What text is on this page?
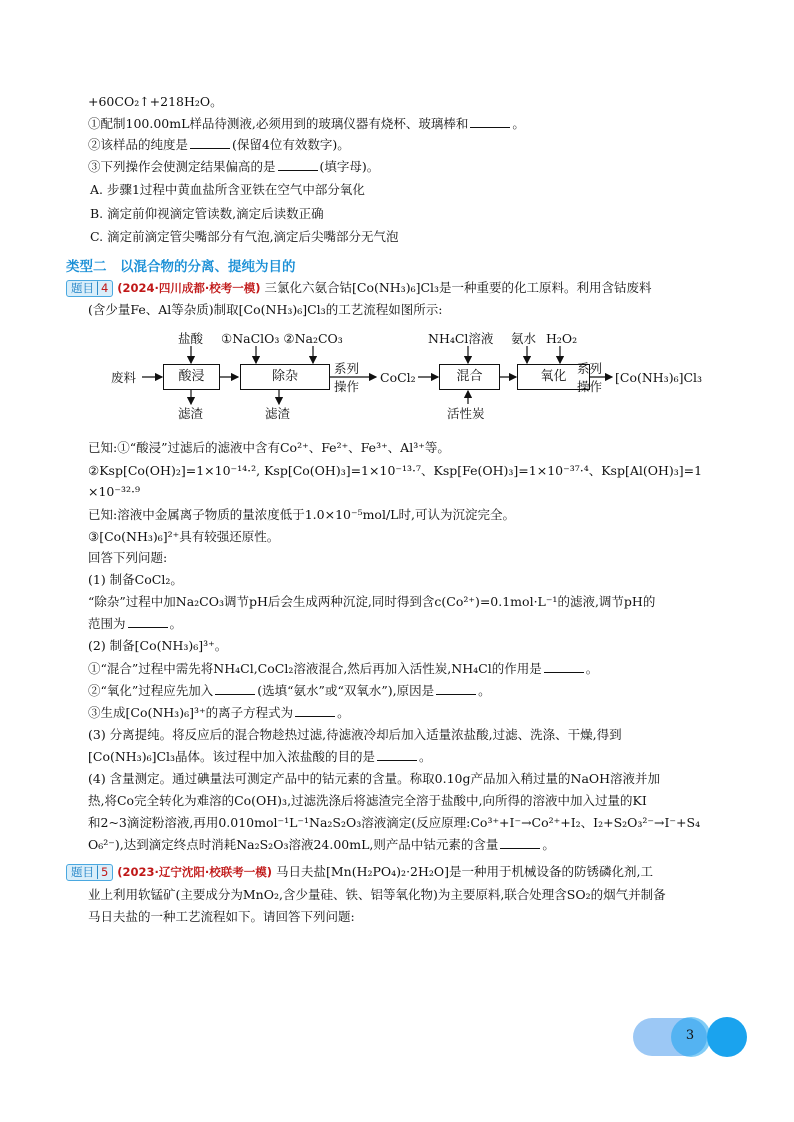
+60CO₂↑+218H₂O。
①配制100.00mL样品待测液,必须用到的玻璃仪器有烧杯、玻璃棒和	。
②该样品的纯度是	(保留4位有效数字)。
③下列操作会使测定结果偏高的是	(填字母)。
A. 步骤1过程中黄血盐所含亚铁在空气中部分氧化
B. 滴定前仰视滴定管读数,滴定后读数正确
C. 滴定前滴定管尖嘴部分有气泡,滴定后尖嘴部分无气泡
类型二　以混合物的分离、提纯为目的
题目│4 (2024·四川成都·校考一模) 三氯化六氨合钴[Co(NH₃)₆]Cl₃是一种重要的化工原料。利用含钴废料
(含少量Fe、Al等杂质)制取[Co(NH₃)₆]Cl₃的工艺流程如图所示:
废料	酸浸	除杂	混合	氧化
盐酸 ①NaClO₃ ②Na₂CO₃	NH₄Cl溶液 氨水 H₂O₂
滤渣	滤渣	活性炭
系列
操作
CoCl₂
系列
操作
[Co(NH₃)₆]Cl₃
已知:①“酸浸”过滤后的滤液中含有Co²⁺、Fe²⁺、Fe³⁺、Al³⁺等。
②Ksp[Co(OH)₂]=1×10⁻¹⁴·², Ksp[Co(OH)₃]=1×10⁻¹³·⁷、Ksp[Fe(OH)₃]=1×10⁻³⁷·⁴、Ksp[Al(OH)₃]=1
×10⁻³²·⁹
已知:溶液中金属离子物质的量浓度低于1.0×10⁻⁵mol/L时,可认为沉淀完全。
③[Co(NH₃)₆]²⁺具有较强还原性。
回答下列问题:
(1) 制备CoCl₂。
“除杂”过程中加Na₂CO₃调节pH后会生成两种沉淀,同时得到含c(Co²⁺)=0.1mol·L⁻¹的滤液,调节pH的
范围为	。
(2) 制备[Co(NH₃)₆]³⁺。
①“混合”过程中需先将NH₄Cl,CoCl₂溶液混合,然后再加入活性炭,NH₄Cl的作用是	。
②“氧化”过程应先加入	(选填“氨水”或“双氧水”),原因是	。
③生成[Co(NH₃)₆]³⁺的离子方程式为	。
(3) 分离提纯。将反应后的混合物趁热过滤,待滤液冷却后加入适量浓盐酸,过滤、洗涤、干燥,得到
[Co(NH₃)₆]Cl₃晶体。该过程中加入浓盐酸的目的是	。
(4) 含量测定。通过碘量法可测定产品中的钴元素的含量。称取0.10g产品加入稍过量的NaOH溶液并加
热,将Co完全转化为难溶的Co(OH)₃,过滤洗涤后将滤渣完全溶于盐酸中,向所得的溶液中加入过量的KI
和2~3滴淀粉溶液,再用0.010mol⁻¹L⁻¹Na₂S₂O₃溶液滴定(反应原理:Co³⁺+I⁻→Co²⁺+I₂、I₂+S₂O₃²⁻→I⁻+S₄
O₆²⁻),达到滴定终点时消耗Na₂S₂O₃溶液24.00mL,则产品中钴元素的含量	。
题目│5 (2023·辽宁沈阳·校联考一模) 马日夫盐[Mn(H₂PO₄)₂·2H₂O]是一种用于机械设备的防锈磷化剂,工
业上利用软锰矿(主要成分为MnO₂,含少量硅、铁、铝等氧化物)为主要原料,联合处理含SO₂的烟气并制备
马日夫盐的一种工艺流程如下。请回答下列问题:
3
